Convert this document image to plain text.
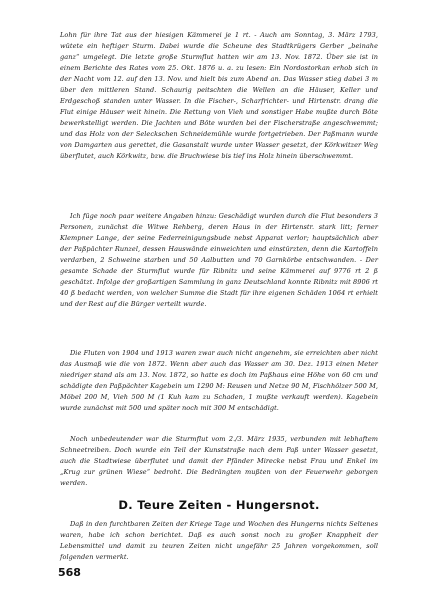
Lohn für ihre Tat aus der hiesigen Kämmerei je 1 rt. - Auch am Sonntag, 3. März 1793, wütete ein heftiger Sturm. Dabei wurde die Scheune des Stadtkrügers Gerber „beinahe ganz“ umgelegt. Die letzte große Sturmflut hatten wir am 13. Nov. 1872. Über sie ist in einem Berichte des Rates vom 25. Okt. 1876 u. a. zu lesen: Ein Nordostorkan erhob sich in der Nacht vom 12. auf den 13. Nov. und hielt bis zum Abend an. Das Wasser stieg dabei 3 m über den mittleren Stand. Schaurig peitschten die Wellen an die Häuser, Keller und Erdgeschoß standen unter Wasser. In die Fischer-, Scharfrichter- und Hirtenstr. drang die Flut einige Häuser weit hinein. Die Rettung von Vieh und sonstiger Habe mußte durch Böte bewerkstelligt werden. Die Jachten und Böte wurden bei der Fischerstraße angeschwemmt; und das Holz von der Seleckschen Schneidemühle wurde fortgetrieben. Der Paßmann wurde von Damgarten aus gerettet, die Gasanstalt wurde unter Wasser gesetzt, der Körkwitzer Weg überflutet, auch Körkwitz, bzw. die Bruchwiese bis tief ins Holz hinein überschwemmt.

Ich füge noch paar weitere Angaben hinzu: Geschädigt wurden durch die Flut besonders 3 Personen, zunächst die Witwe Rehberg, deren Haus in der Hirtenstr. stark litt; ferner Klempner Lange, der seine Federreinigungsbude nebst Apparat verlor; hauptsächlich aber der Paßpächter Runzel, dessen Hauswände einweichten und einstürzten, denn die Kartoffeln verdarben, 2 Schweine starben und 50 Aalbutten und 70 Garnkörbe entschwanden. - Der gesamte Schade der Sturmflut wurde für Ribnitz und seine Kämmerei auf 9776 rt 2 ß geschätzt. Infolge der großartigen Sammlung in ganz Deutschland konnte Ribnitz mit 8906 rt 40 ß bedacht werden, von welcher Summe die Stadt für ihre eigenen Schäden 1064 rt erhielt und der Rest auf die Bürger verteilt wurde.

Die Fluten von 1904 und 1913 waren zwar auch nicht angenehm, sie erreichten aber nicht das Ausmaß wie die von 1872. Wenn aber auch das Wasser am 30. Dez. 1913 einen Meter niedriger stand als am 13. Nov. 1872, so hatte es doch im Paßhaus eine Höhe von 60 cm und schädigte den Paßpächter Kagebein um 1290 M: Reusen und Netze 90 M, Fischhölzer 500 M, Möbel 200 M, Vieh 500 M (1 Kuh kam zu Schaden, 1 mußte verkauft werden). Kagebein wurde zunächst mit 500 und später noch mit 300 M entschädigt.

Noch unbedeutender war die Sturmflut vom 2./3. März 1935, verbunden mit lebhaftem Schneetreiben. Doch wurde ein Teil der Kunststraße nach dem Paß unter Wasser gesetzt, auch die Stadtwiese überflutet und damit der Pfänder Mirecke nebst Frau und Enkel im „Krug zur grünen Wiese“ bedroht. Die Bedrängten mußten von der Feuerwehr geborgen werden.

D. Teure Zeiten - Hungersnot.

Daß in den furchtbaren Zeiten der Kriege Tage und Wochen des Hungerns nichts Seltenes waren, habe ich schon berichtet. Daß es auch sonst noch zu großer Knappheit der Lebensmittel und damit zu teuren Zeiten nicht ungefähr 25 Jahren vorgekommen, soll folgenden vermerkt.

568
